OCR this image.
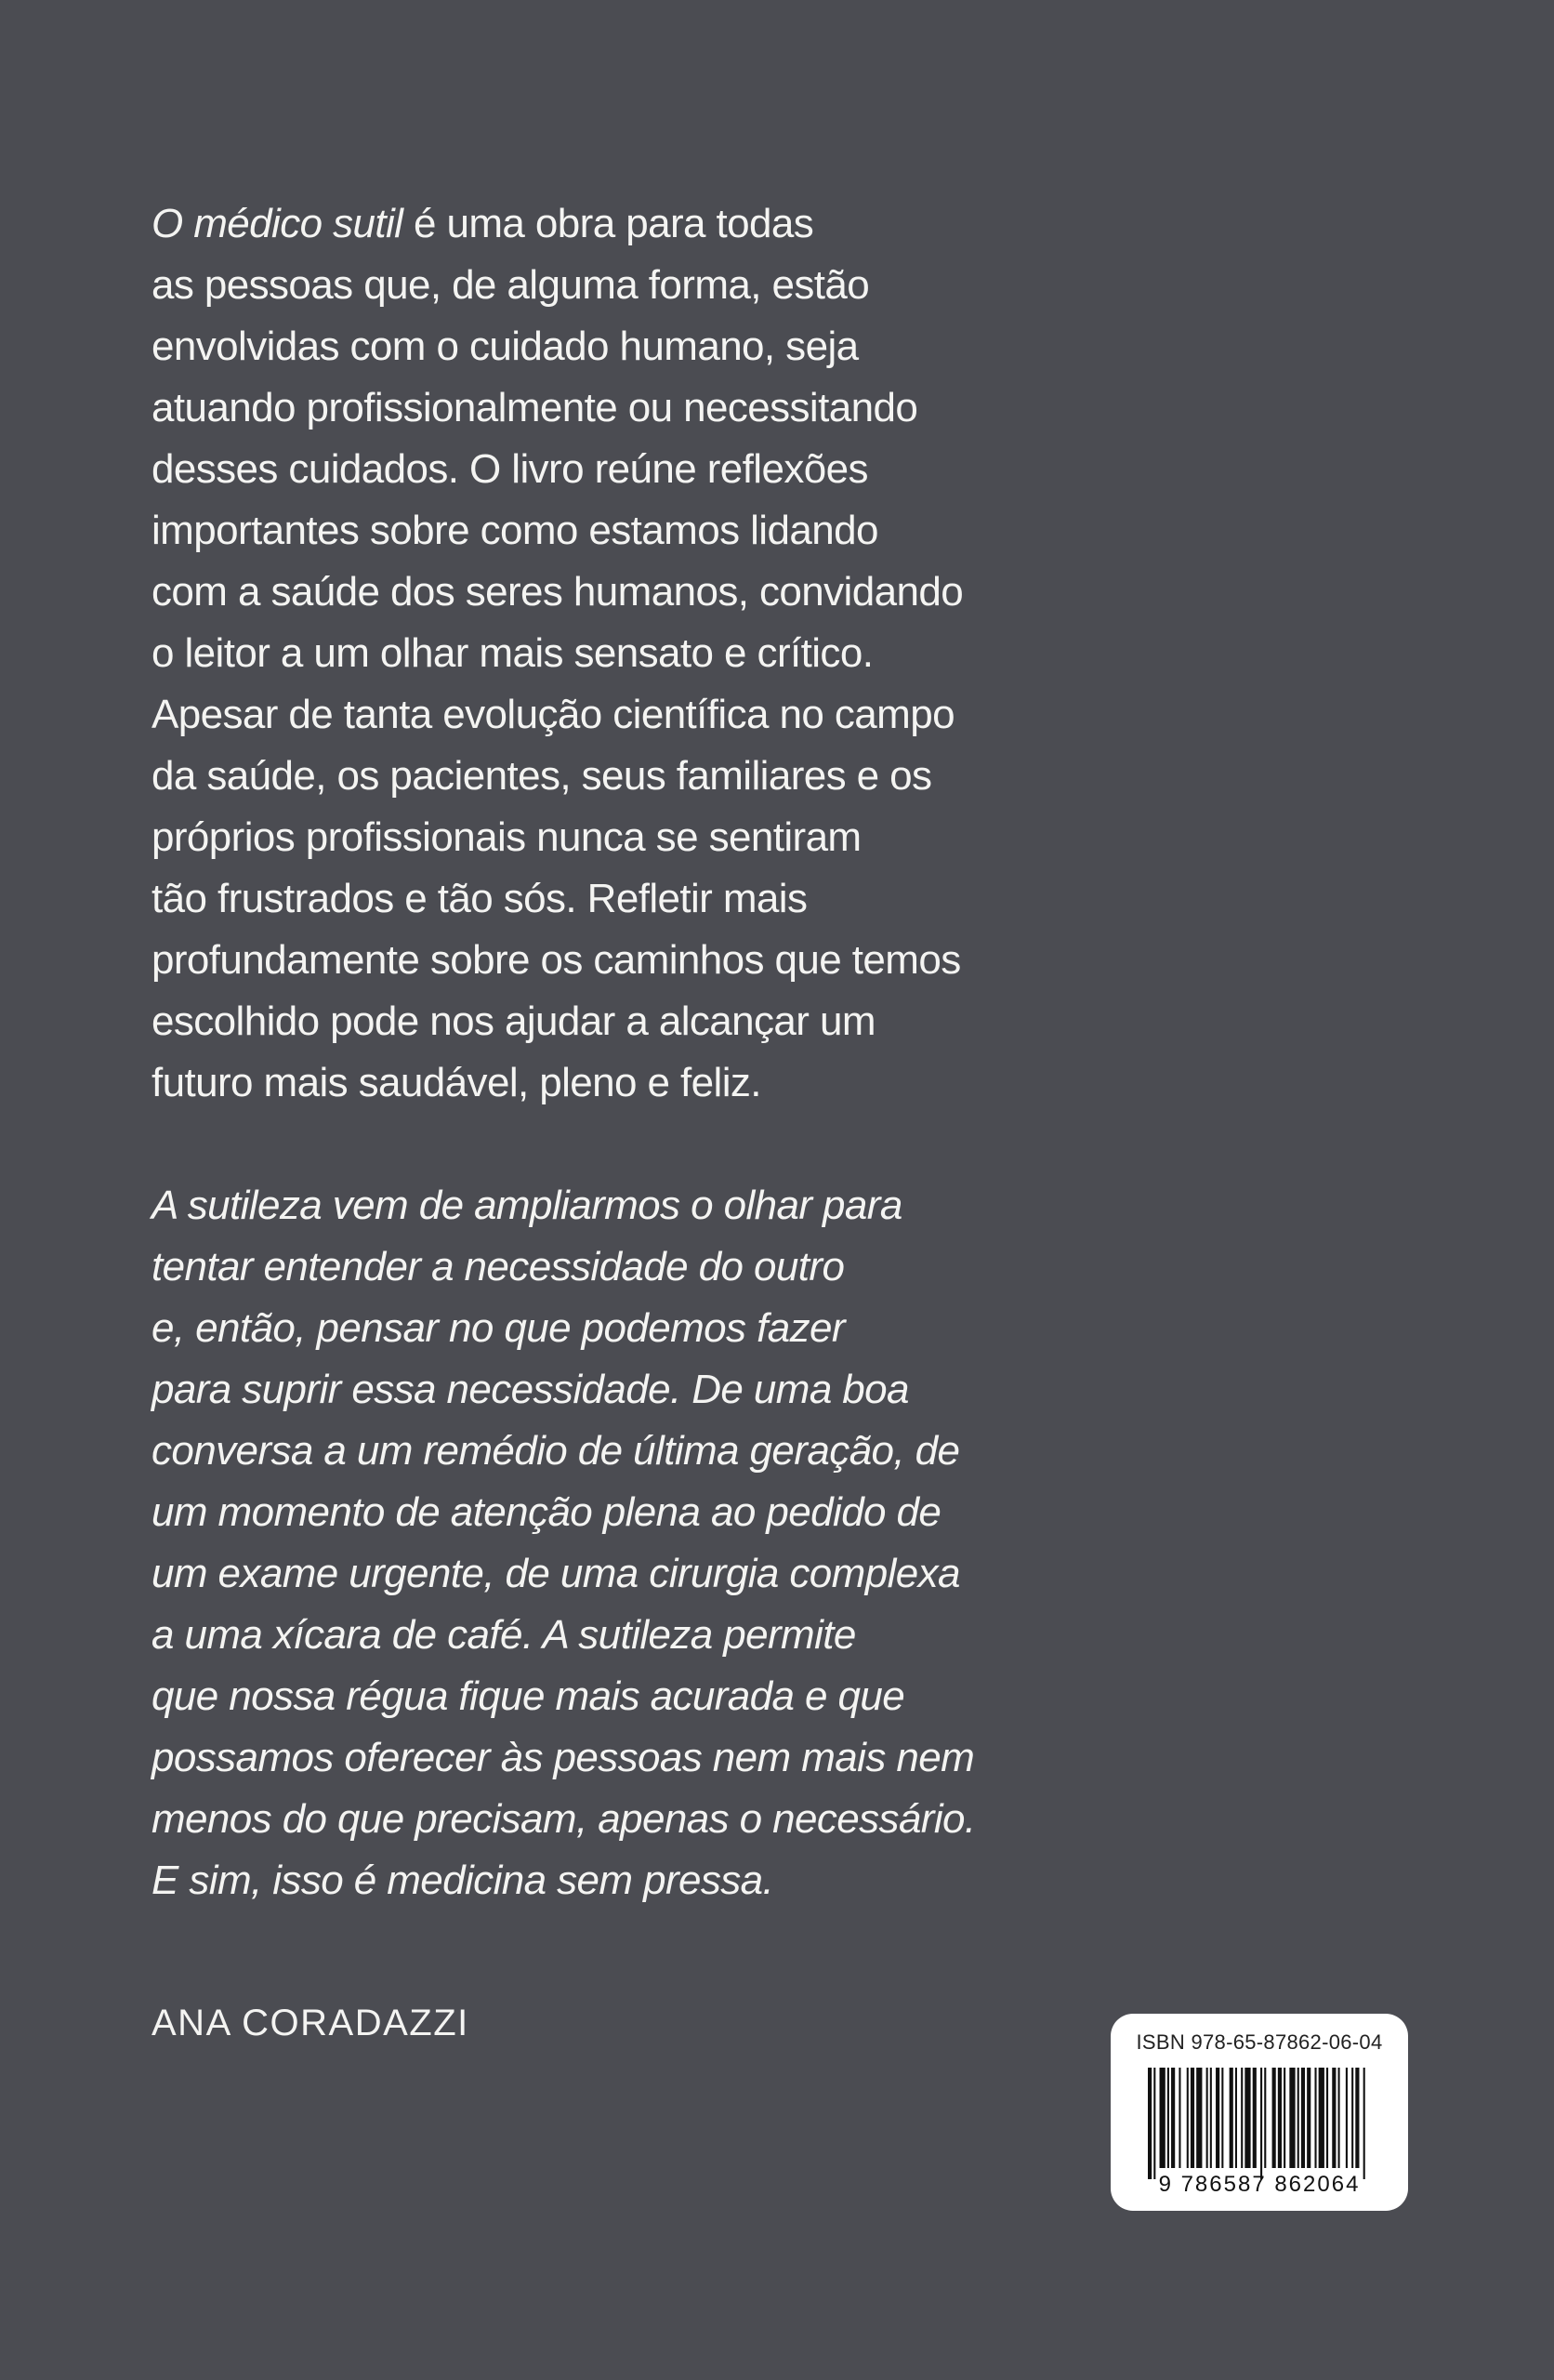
O médico sutil é uma obra para todas
as pessoas que, de alguma forma, estão
envolvidas com o cuidado humano, seja
atuando profissionalmente ou necessitando
desses cuidados. O livro reúne reflexões
importantes sobre como estamos lidando
com a saúde dos seres humanos, convidando
o leitor a um olhar mais sensato e crítico.
Apesar de tanta evolução científica no campo
da saúde, os pacientes, seus familiares e os
próprios profissionais nunca se sentiram
tão frustrados e tão sós. Refletir mais
profundamente sobre os caminhos que temos
escolhido pode nos ajudar a alcançar um
futuro mais saudável, pleno e feliz.

A sutileza vem de ampliarmos o olhar para
tentar entender a necessidade do outro
e, então, pensar no que podemos fazer
para suprir essa necessidade. De uma boa
conversa a um remédio de última geração, de
um momento de atenção plena ao pedido de
um exame urgente, de uma cirurgia complexa
a uma xícara de café. A sutileza permite
que nossa régua fique mais acurada e que
possamos oferecer às pessoas nem mais nem
menos do que precisam, apenas o necessário.
E sim, isso é medicina sem pressa.

ANA CORADAZZI	ISBN 978-65-87862-06-04
9 786587 862064
